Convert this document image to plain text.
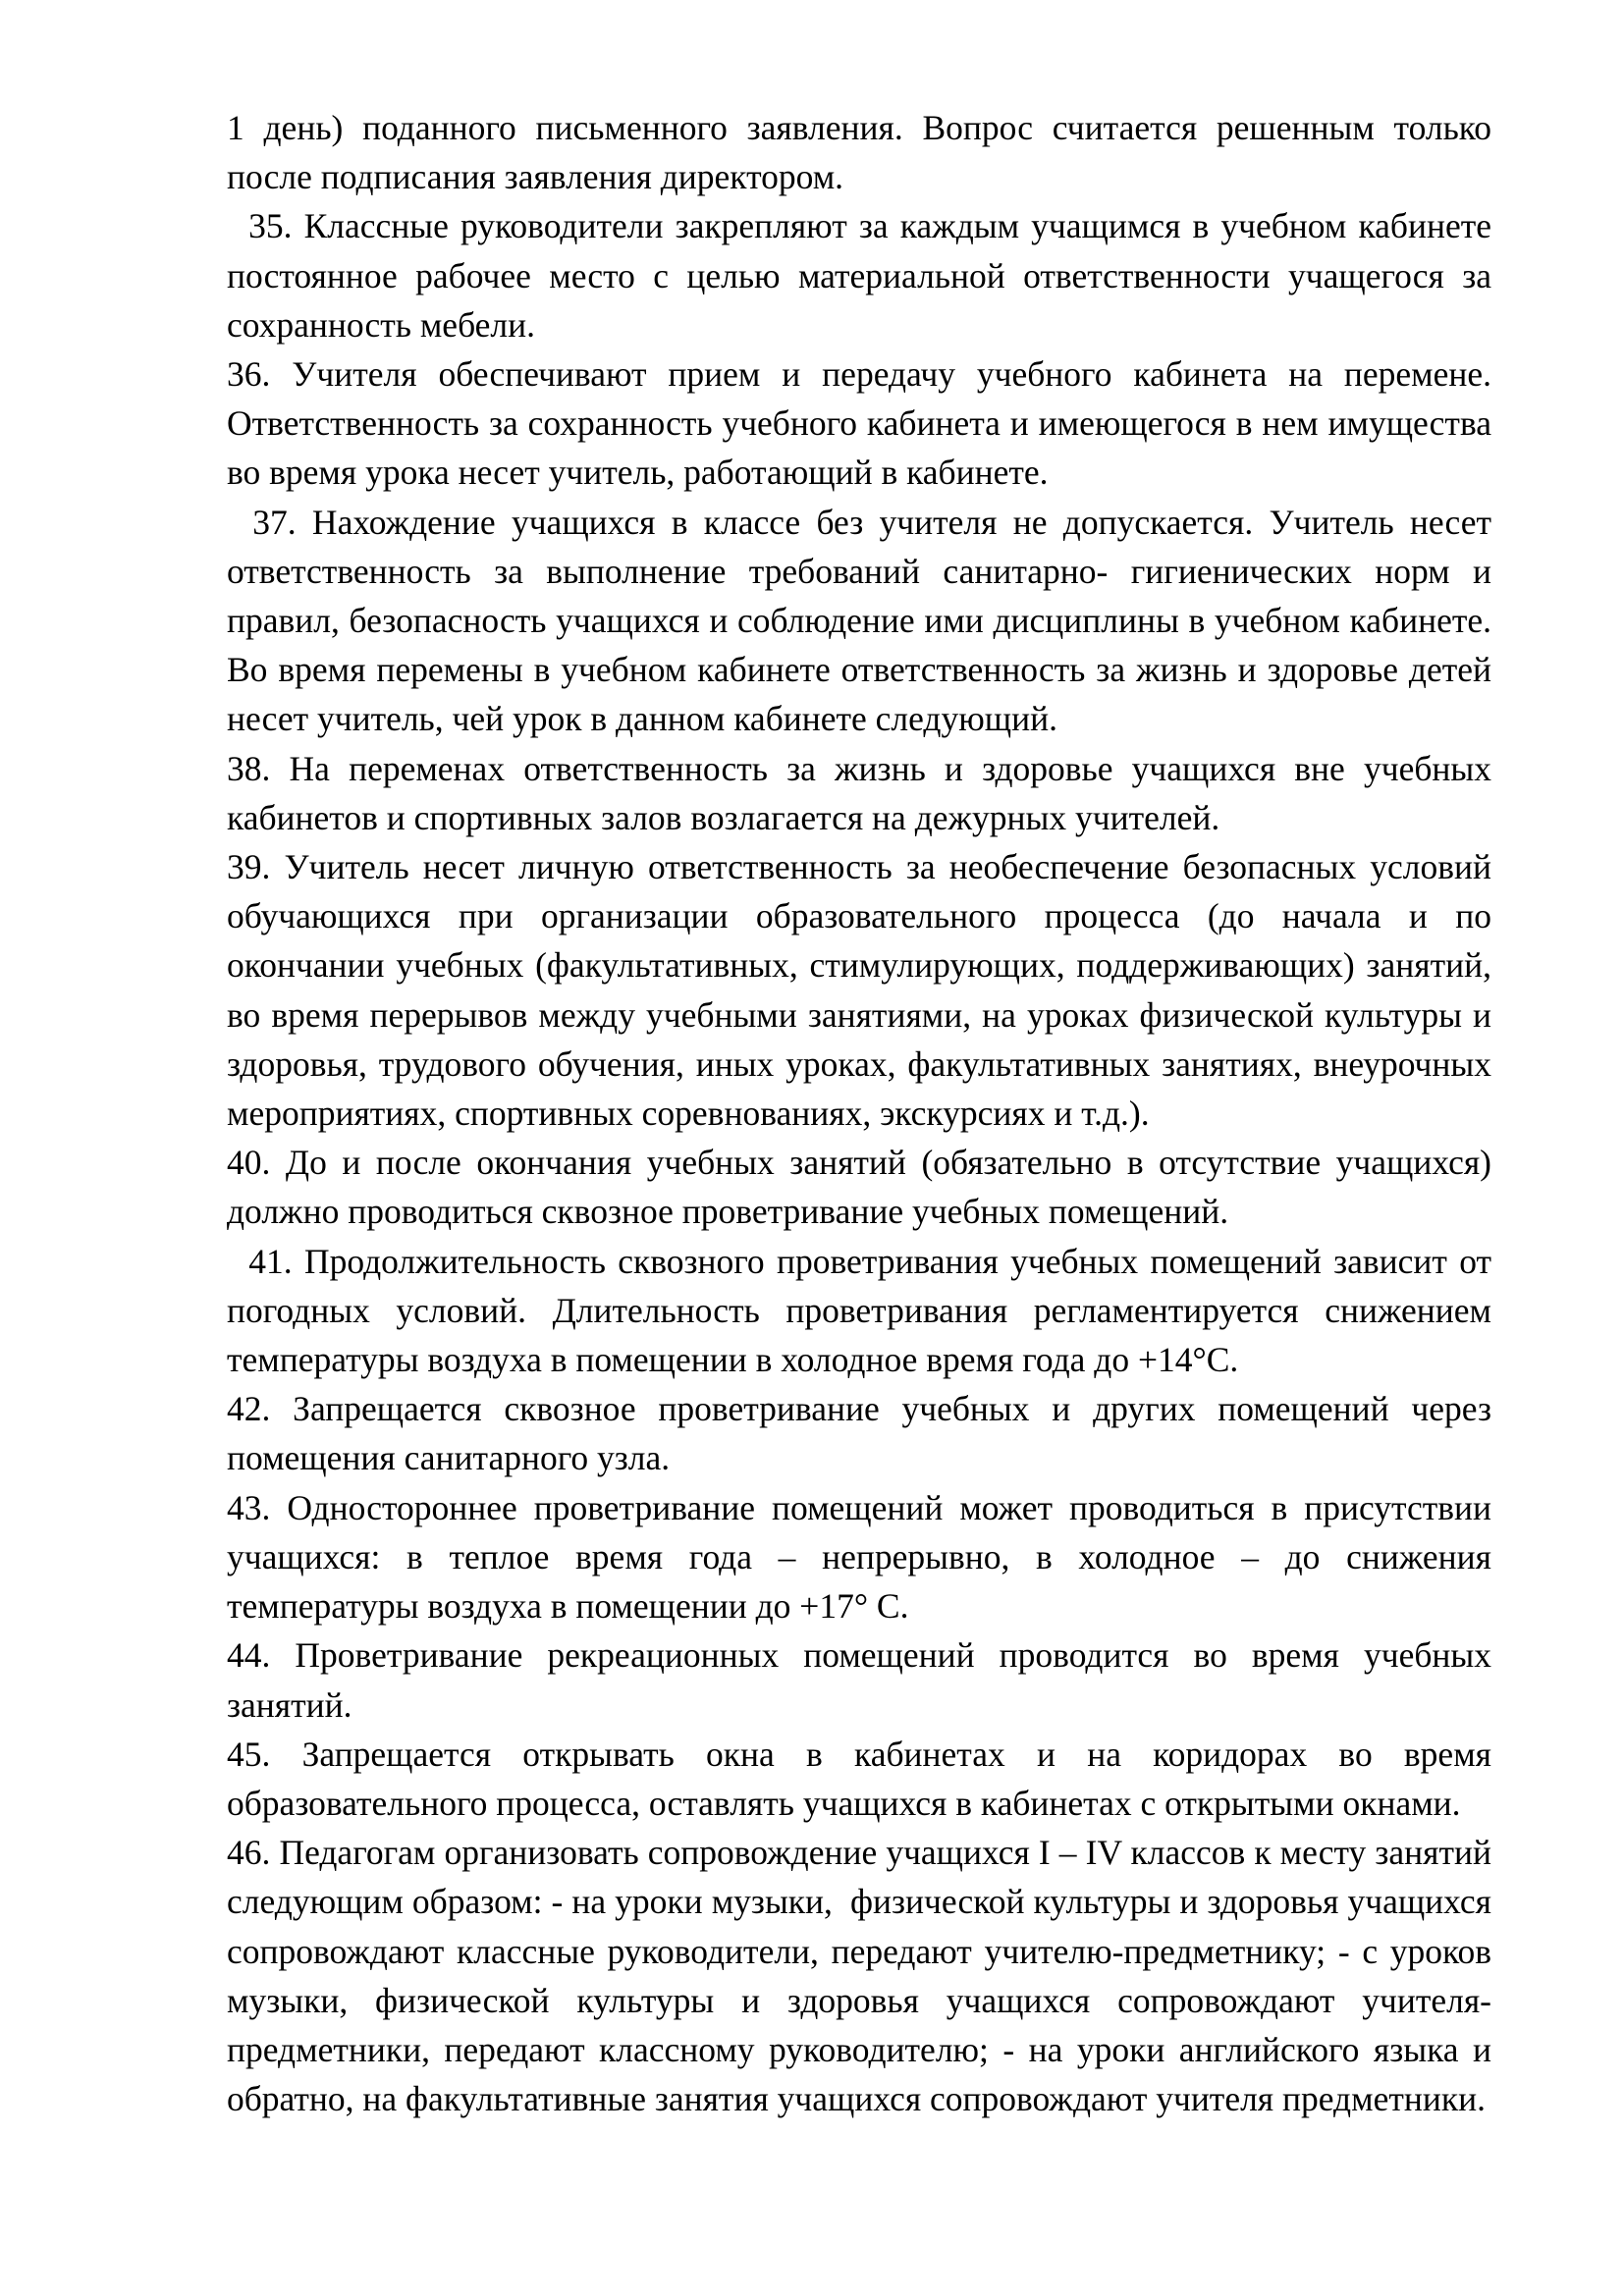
1 день) поданного письменного заявления. Вопрос считается решенным только после подписания заявления директором.

35. Классные руководители закрепляют за каждым учащимся в учебном кабинете постоянное рабочее место с целью материальной ответственности учащегося за сохранность мебели.

36. Учителя обеспечивают прием и передачу учебного кабинета на перемене. Ответственность за сохранность учебного кабинета и имеющегося в нем имущества во время урока несет учитель, работающий в кабинете.

37. Нахождение учащихся в классе без учителя не допускается. Учитель несет ответственность за выполнение требований санитарно- гигиенических норм и правил, безопасность учащихся и соблюдение ими дисциплины в учебном кабинете. Во время перемены в учебном кабинете ответственность за жизнь и здоровье детей несет учитель, чей урок в данном кабинете следующий.

38. На переменах ответственность за жизнь и здоровье учащихся вне учебных кабинетов и спортивных залов возлагается на дежурных учителей.

39. Учитель несет личную ответственность за необеспечение безопасных условий обучающихся при организации образовательного процесса (до начала и по окончании учебных (факультативных, стимулирующих, поддерживающих) занятий, во время перерывов между учебными занятиями, на уроках физической культуры и здоровья, трудового обучения, иных уроках, факультативных занятиях, внеурочных мероприятиях, спортивных соревнованиях, экскурсиях и т.д.).

40. До и после окончания учебных занятий (обязательно в отсутствие учащихся) должно проводиться сквозное проветривание учебных помещений.

41. Продолжительность сквозного проветривания учебных помещений зависит от погодных условий. Длительность проветривания регламентируется снижением температуры воздуха в помещении в холодное время года до +14°С.

42. Запрещается сквозное проветривание учебных и других помещений через помещения санитарного узла.

43. Одностороннее проветривание помещений может проводиться в присутствии учащихся: в теплое время года – непрерывно, в холодное – до снижения температуры воздуха в помещении до +17° С.

44. Проветривание рекреационных помещений проводится во время учебных занятий.

45. Запрещается открывать окна в кабинетах и на коридорах во время образовательного процесса, оставлять учащихся в кабинетах с открытыми окнами.

46. Педагогам организовать сопровождение учащихся I – IV классов к месту занятий следующим образом: - на уроки музыки,  физической культуры и здоровья учащихся сопровождают классные руководители, передают учителю-предметнику; - с уроков музыки, физической культуры и здоровья учащихся сопровождают учителя-предметники, передают классному руководителю; - на уроки английского языка и обратно, на факультативные занятия учащихся сопровождают учителя предметники.
